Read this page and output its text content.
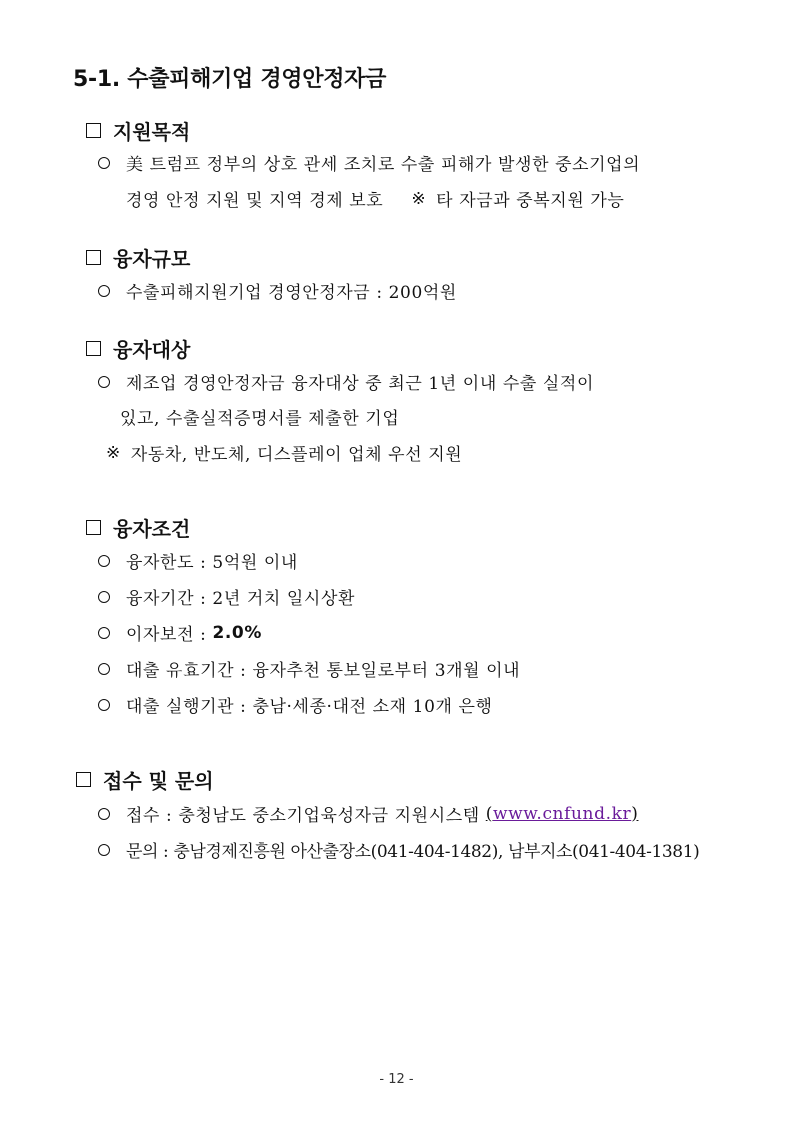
5-1. 수출피해기업 경영안정자금
지원목적
美 트럼프 정부의 상호 관세 조치로 수출 피해가 발생한 중소기업의
경영 안정 지원 및 지역 경제 보호 ※ 타 자금과 중복지원 가능
융자규모
수출피해지원기업 경영안정자금 : 200억원
융자대상
제조업 경영안정자금 융자대상 중 최근 1년 이내 수출 실적이
있고, 수출실적증명서를 제출한 기업
※ 자동차, 반도체, 디스플레이 업체 우선 지원
융자조건
융자한도 : 5억원 이내
융자기간 : 2년 거치 일시상환
이자보전 : 2.0%
대출 유효기간 : 융자추천 통보일로부터 3개월 이내
대출 실행기관 : 충남·세종·대전 소재 10개 은행
접수 및 문의
접수 : 충청남도 중소기업육성자금 지원시스템 ( www.cnfund.kr )
문의 : 충남경제진흥원 아산출장소(041-404-1482), 남부지소(041-404-1381)
- 12 -
